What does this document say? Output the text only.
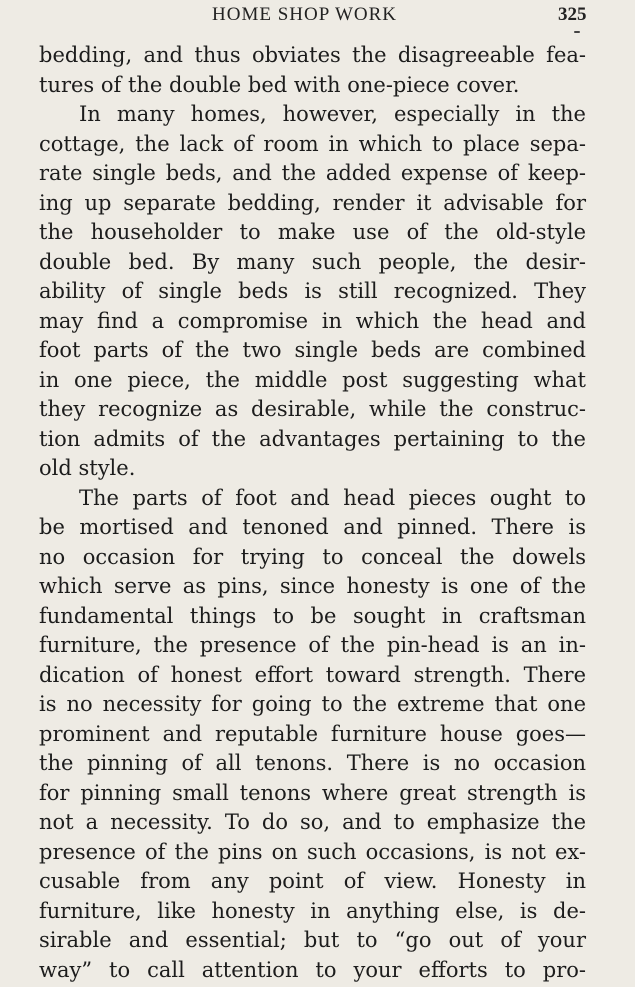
HOME SHOP WORK	325
bedding, and thus obviates the disagreeable fea-
tures of the double bed with one-piece cover.
In many homes, however, especially in the
cottage, the lack of room in which to place sepa-
rate single beds, and the added expense of keep-
ing up separate bedding, render it advisable for
the householder to make use of the old-style
double bed. By many such people, the desir-
ability of single beds is still recognized. They
may find a compromise in which the head and
foot parts of the two single beds are combined
in one piece, the middle post suggesting what
they recognize as desirable, while the construc-
tion admits of the advantages pertaining to the
old style.
The parts of foot and head pieces ought to
be mortised and tenoned and pinned. There is
no occasion for trying to conceal the dowels
which serve as pins, since honesty is one of the
fundamental things to be sought in craftsman
furniture, the presence of the pin-head is an in-
dication of honest effort toward strength. There
is no necessity for going to the extreme that one
prominent and reputable furniture house goes—
the pinning of all tenons. There is no occasion
for pinning small tenons where great strength is
not a necessity. To do so, and to emphasize the
presence of the pins on such occasions, is not ex-
cusable from any point of view. Honesty in
furniture, like honesty in anything else, is de-
sirable and essential; but to “go out of your
way” to call attention to your efforts to pro-
